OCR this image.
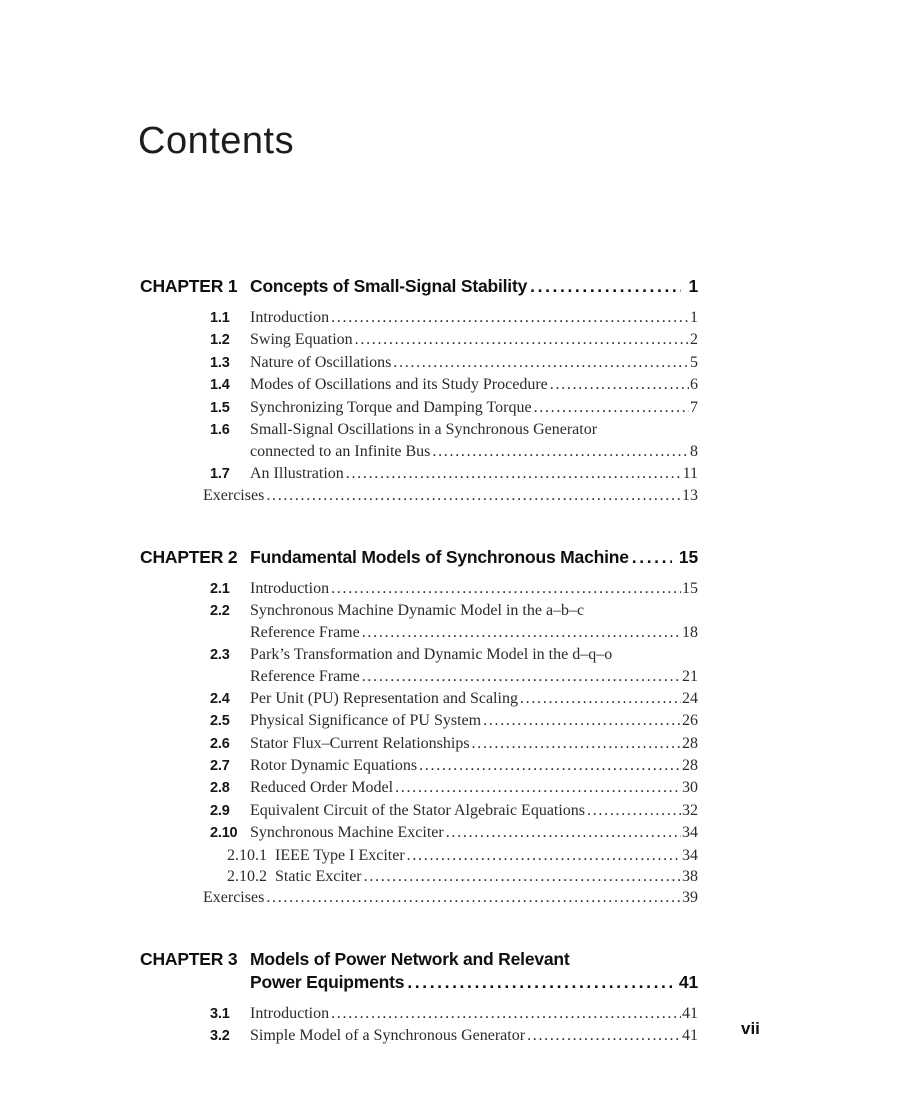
Contents
CHAPTER 1 Concepts of Small-Signal Stability .....	1
1.1	Introduction .....	1
1.2	Swing Equation .....	2
1.3	Nature of Oscillations .....	5
1.4	Modes of Oscillations and its Study Procedure .....	6
1.5	Synchronizing Torque and Damping Torque .....	7
1.6	Small-Signal Oscillations in a Synchronous Generator
connected to an Infinite Bus .....	8
1.7	An Illustration .....	11
Exercises .....	13
CHAPTER 2 Fundamental Models of Synchronous Machine .....	15
2.1	Introduction .....	15
2.2	Synchronous Machine Dynamic Model in the a–b–c
Reference Frame .....	18
2.3	Park’s Transformation and Dynamic Model in the d–q–o
Reference Frame .....	21
2.4	Per Unit (PU) Representation and Scaling .....	24
2.5	Physical Significance of PU System .....	26
2.6	Stator Flux–Current Relationships .....	28
2.7	Rotor Dynamic Equations .....	28
2.8	Reduced Order Model .....	30
2.9	Equivalent Circuit of the Stator Algebraic Equations .....	32
2.10 Synchronous Machine Exciter .....	34
2.10.1 IEEE Type I Exciter .....	34
2.10.2 Static Exciter .....	38
Exercises .....	39
CHAPTER 3 Models of Power Network and Relevant
Power Equipments .....	41
3.1	Introduction .....	41
3.2	Simple Model of a Synchronous Generator .....	41	vii
